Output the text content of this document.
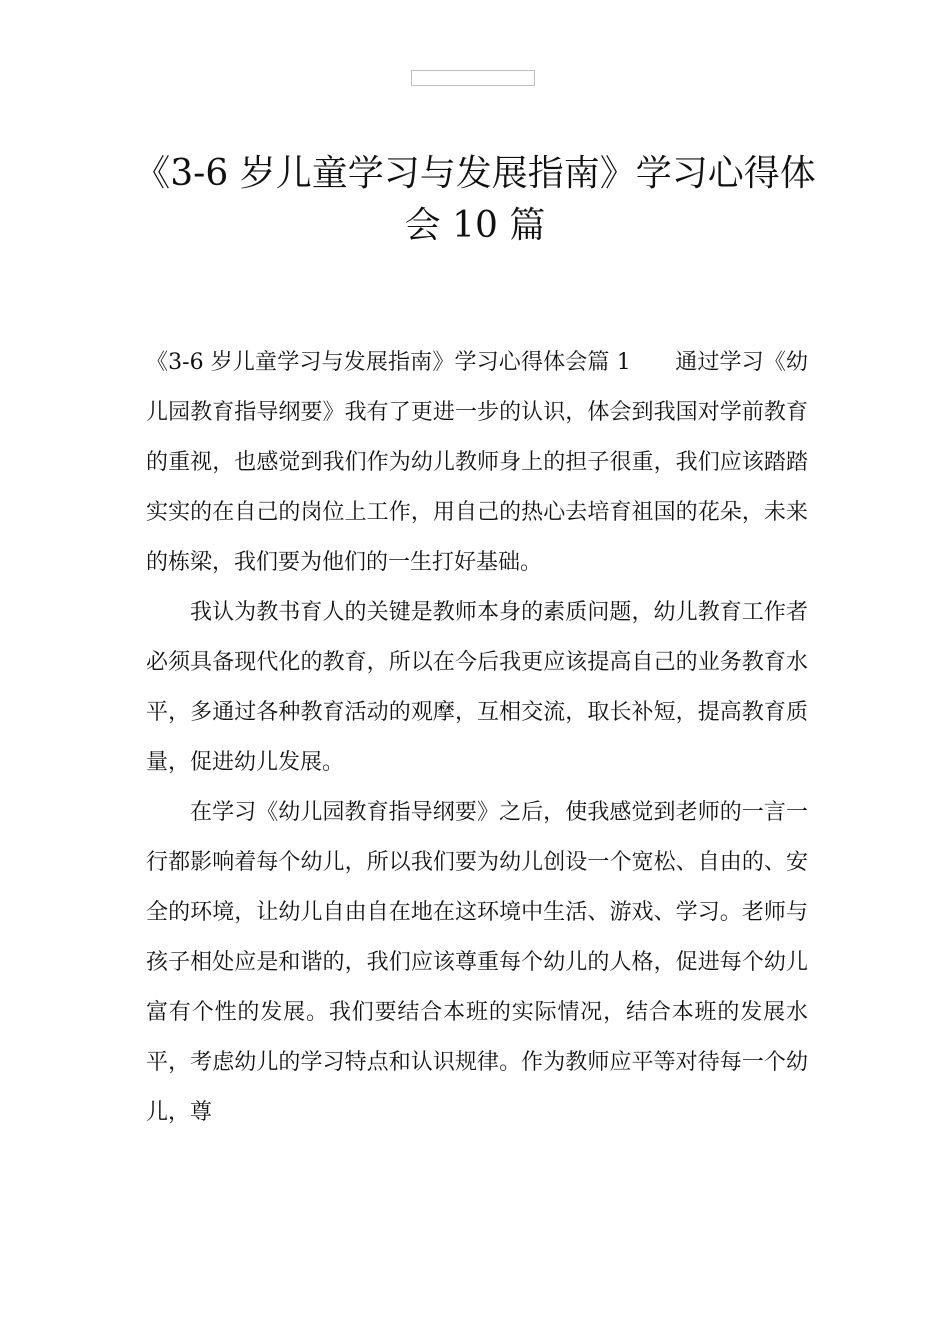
《3-6 岁儿童学习与发展指南》学习心得体
会 10 篇

《3-6 岁儿童学习与发展指南》学习心得体会篇 1　　通过学习《幼儿园教育指导纲要》我有了更进一步的认识，体会到我国对学前教育的重视，也感觉到我们作为幼儿教师身上的担子很重，我们应该踏踏实实的在自己的岗位上工作，用自己的热心去培育祖国的花朵，未来的栋梁，我们要为他们的一生打好基础。

我认为教书育人的关键是教师本身的素质问题，幼儿教育工作者必须具备现代化的教育，所以在今后我更应该提高自己的业务教育水平，多通过各种教育活动的观摩，互相交流，取长补短，提高教育质量，促进幼儿发展。

在学习《幼儿园教育指导纲要》之后，使我感觉到老师的一言一行都影响着每个幼儿，所以我们要为幼儿创设一个宽松、自由的、安全的环境，让幼儿自由自在地在这环境中生活、游戏、学习。老师与孩子相处应是和谐的，我们应该尊重每个幼儿的人格，促进每个幼儿富有个性的发展。我们要结合本班的实际情况，结合本班的发展水平，考虑幼儿的学习特点和认识规律。作为教师应平等对待每一个幼儿，尊
